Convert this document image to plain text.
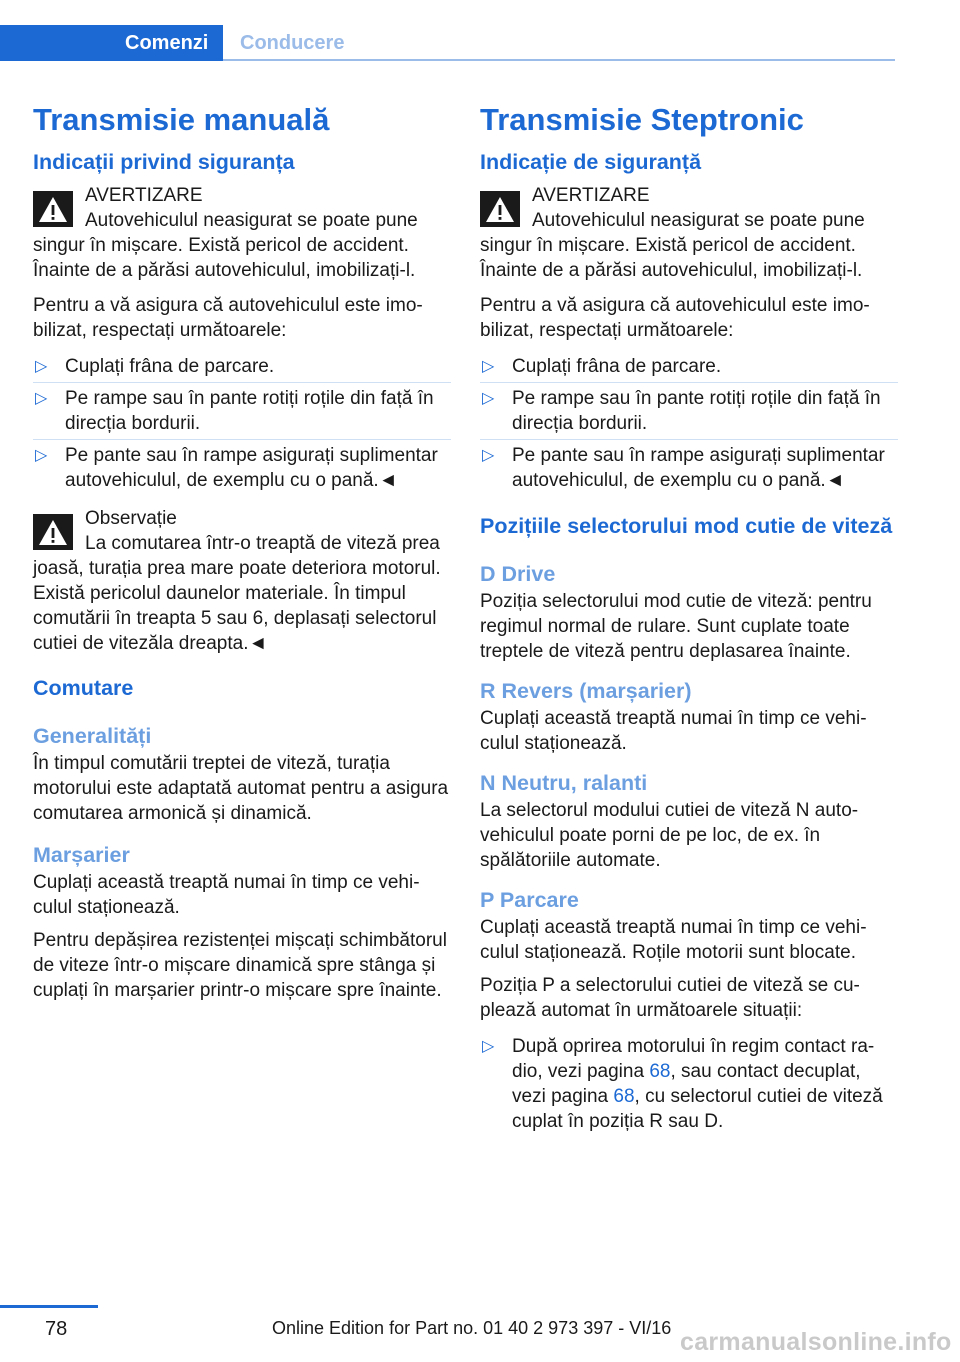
Comenzi	Conducere
Transmisie manuală
Indicații privind siguranța
AVERTIZARE
Autovehiculul neasigurat se poate pune singur în mișcare. Există pericol de accident. Înainte de a părăsi autovehiculul, imobilizați-l.

Pentru a vă asigura că autovehiculul este imobilizat, respectați următoarele:

▷ Cuplați frâna de parcare.
▷ Pe rampe sau în pante rotiți roțile din față în direcția bordurii.
▷ Pe pante sau în rampe asigurați suplimentar autovehiculul, de exemplu cu o pană.◄
Observație
La comutarea într-o treaptă de viteză prea joasă, turația prea mare poate deteriora motorul. Există pericolul daunelor materiale. În timpul comutării în treapta 5 sau 6, deplasați selectorul cutiei de vitezăla dreapta.◄
Comutare
Generalități

În timpul comutării treptei de viteză, turația motorului este adaptată automat pentru a asigura comutarea armonică și dinamică.

Marșarier

Cuplați această treaptă numai în timp ce vehiculul staționează.

Pentru depășirea rezistenței mișcați schimbătorul de viteze într-o mișcare dinamică spre stânga și cuplați în marșarier printr-o mișcare spre înainte.

Transmisie Steptronic
Indicație de siguranță
AVERTIZARE
Autovehiculul neasigurat se poate pune singur în mișcare. Există pericol de accident. Înainte de a părăsi autovehiculul, imobilizați-l.

Pentru a vă asigura că autovehiculul este imobilizat, respectați următoarele:

▷ Cuplați frâna de parcare.
▷ Pe rampe sau în pante rotiți roțile din față în direcția bordurii.
▷ Pe pante sau în rampe asigurați suplimentar autovehiculul, de exemplu cu o pană.◄
Pozițiile selectorului mod cutie de viteză
D Drive

Poziția selectorului mod cutie de viteză: pentru regimul normal de rulare. Sunt cuplate toate treptele de viteză pentru deplasarea înainte.

R Revers (marșarier)

Cuplați această treaptă numai în timp ce vehiculul staționează.

N Neutru, ralanti

La selectorul modului cutiei de viteză N autovehiculul poate porni de pe loc, de ex. în spălătoriile automate.

P Parcare

Cuplați această treaptă numai în timp ce vehiculul staționează. Roțile motorii sunt blocate.

Poziția P a selectorului cutiei de viteză se cuplează automat în următoarele situații:

▷ După oprirea motorului în regim contact radio, vezi pagina 68, sau contact decuplat, vezi pagina 68, cu selectorul cutiei de viteză cuplat în poziția R sau D.
78	Online Edition for Part no. 01 40 2 973 397 - VI/16 carmanualsonline.info
